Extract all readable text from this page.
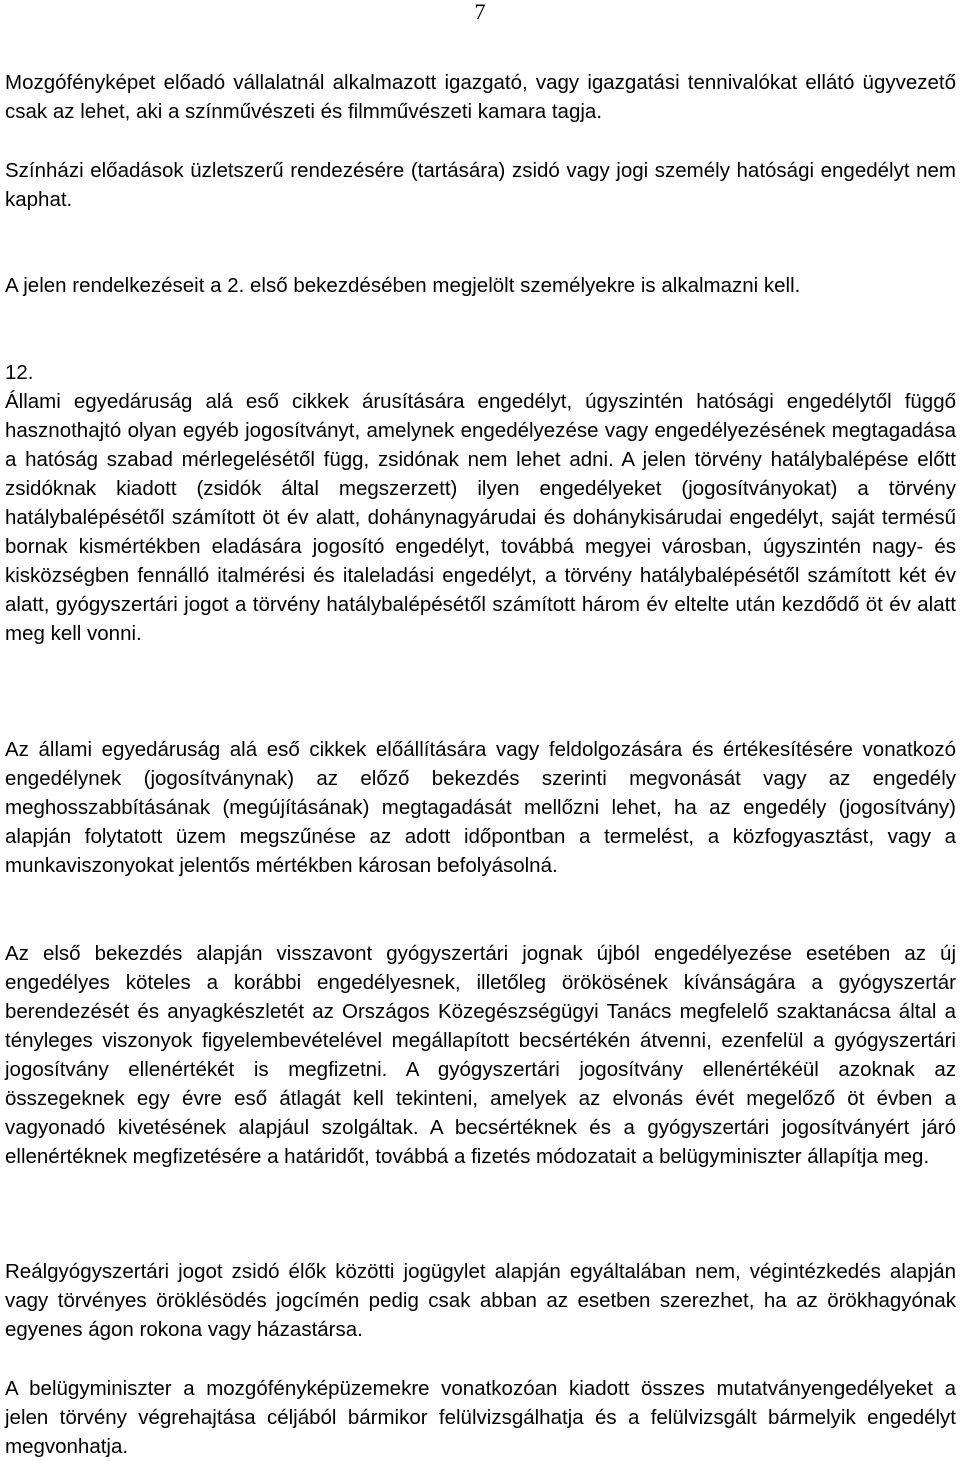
7

Mozgófényképet előadó vállalatnál alkalmazott igazgató, vagy igazgatási tennivalókat ellátó ügyvezető csak az lehet, aki a színművészeti és filmművészeti kamara tagja.

Színházi előadások üzletszerű rendezésére (tartására) zsidó vagy jogi személy hatósági engedélyt nem kaphat.

A jelen rendelkezéseit a 2. első bekezdésében megjelölt személyekre is alkalmazni kell.

12.

Állami egyedáruság alá eső cikkek árusítására engedélyt, úgyszintén hatósági engedélytől függő hasznothajtó olyan egyéb jogosítványt, amelynek engedélyezése vagy engedélyezésének megtagadása a hatóság szabad mérlegelésétől függ, zsidónak nem lehet adni. A jelen törvény hatálybalépése előtt zsidóknak kiadott (zsidók által megszerzett) ilyen engedélyeket (jogosítványokat) a törvény hatálybalépésétől számított öt év alatt, dohánynagyárudai és dohánykisárudai engedélyt, saját termésű bornak kismértékben eladására jogosító engedélyt, továbbá megyei városban, úgyszintén nagy- és kisközségben fennálló italmérési és italeladási engedélyt, a törvény hatálybalépésétől számított két év alatt, gyógyszertári jogot a törvény hatálybalépésétől számított három év eltelte után kezdődő öt év alatt meg kell vonni.

Az állami egyedáruság alá eső cikkek előállítására vagy feldolgozására és értékesítésére vonatkozó engedélynek (jogosítványnak) az előző bekezdés szerinti megvonását vagy az engedély meghosszabbításának (megújításának) megtagadását mellőzni lehet, ha az engedély (jogosítvány) alapján folytatott üzem megszűnése az adott időpontban a termelést, a közfogyasztást, vagy a munkaviszonyokat jelentős mértékben károsan befolyásolná.

Az első bekezdés alapján visszavont gyógyszertári jognak újból engedélyezése esetében az új engedélyes köteles a korábbi engedélyesnek, illetőleg örökösének kívánságára a gyógyszertár berendezését és anyagkészletét az Országos Közegészségügyi Tanács megfelelő szaktanácsa által a tényleges viszonyok figyelembevételével megállapított becsértékén átvenni, ezenfelül a gyógyszertári jogosítvány ellenértékét is megfizetni. A gyógyszertári jogosítvány ellenértékéül azoknak az összegeknek egy évre eső átlagát kell tekinteni, amelyek az elvonás évét megelőző öt évben a vagyonadó kivetésének alapjául szolgáltak. A becsértéknek és a gyógyszertári jogosítványért járó ellenértéknek megfizetésére a határidőt, továbbá a fizetés módozatait a belügyminiszter állapítja meg.

Reálgyógyszertári jogot zsidó élők közötti jogügylet alapján egyáltalában nem, végintézkedés alapján vagy törvényes öröklésödés jogcímén pedig csak abban az esetben szerezhet, ha az örökhagyónak egyenes ágon rokona vagy házastársa.

A belügyminiszter a mozgófényképüzemekre vonatkozóan kiadott összes mutatványengedélyeket a jelen törvény végrehajtása céljából bármikor felülvizsgálhatja és a felülvizsgált bármelyik engedélyt megvonhatja.
